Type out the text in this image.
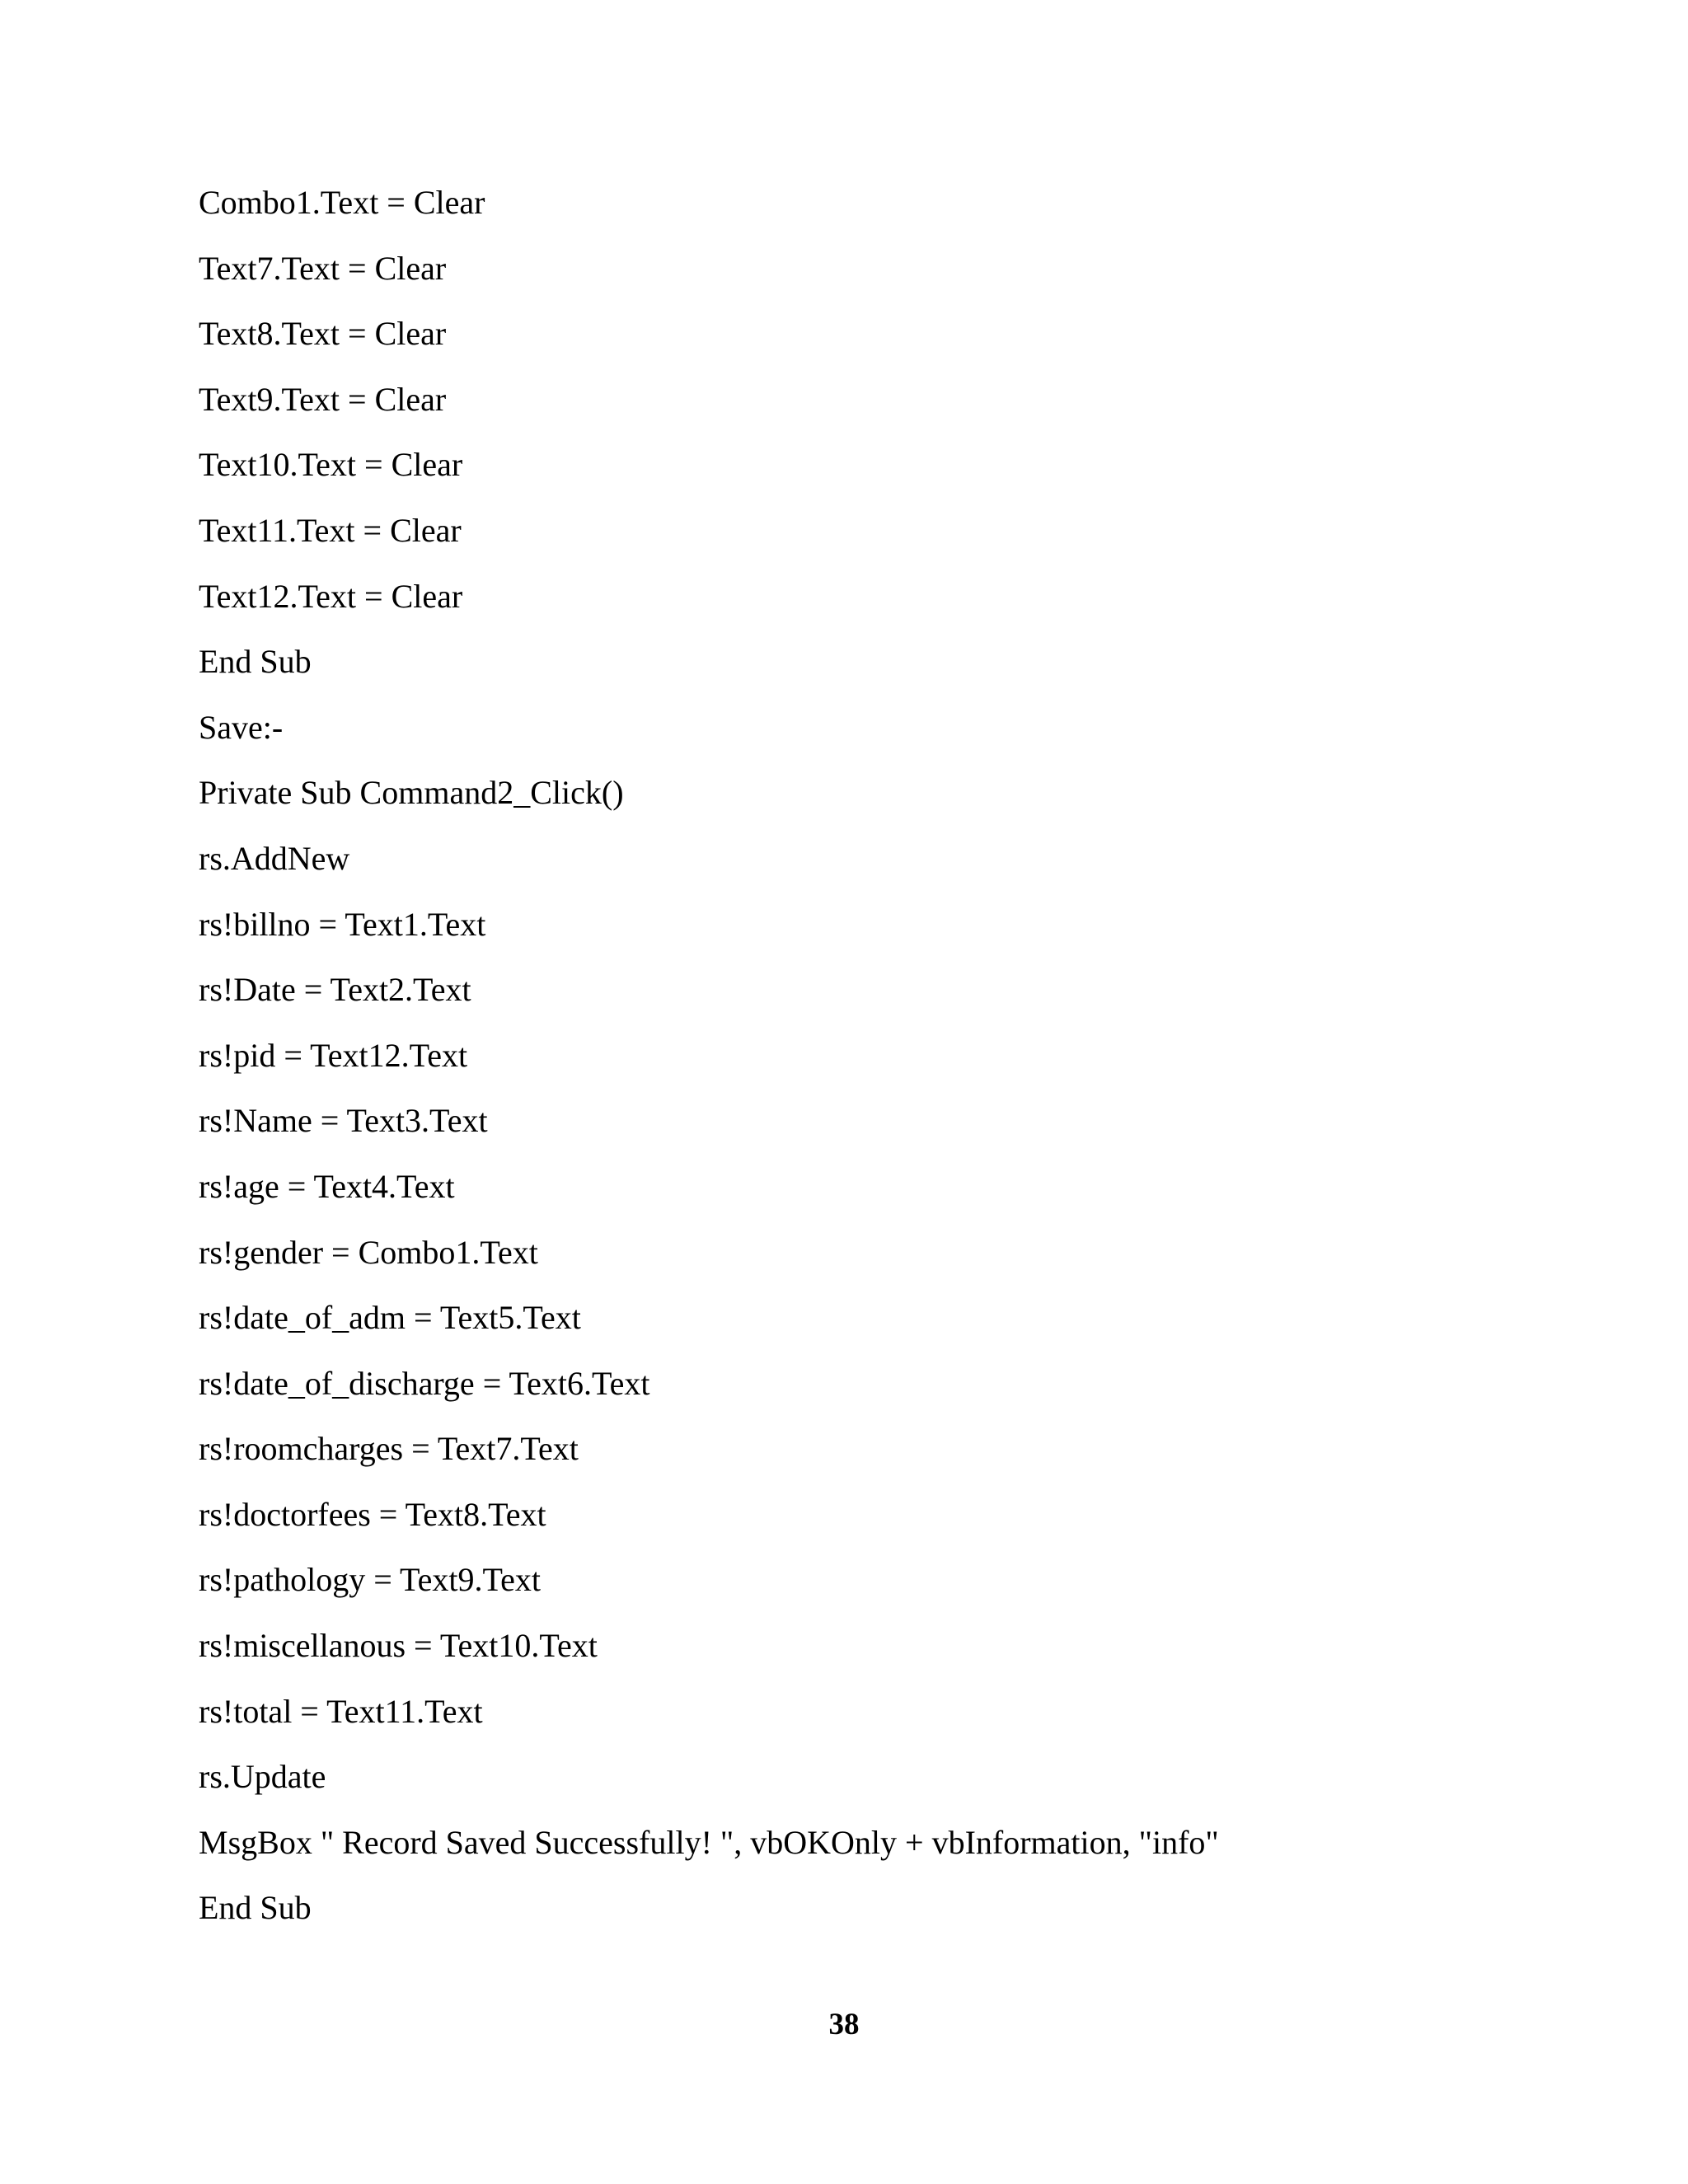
Combo1.Text = Clear
Text7.Text = Clear
Text8.Text = Clear
Text9.Text = Clear
Text10.Text = Clear
Text11.Text = Clear
Text12.Text = Clear
End Sub
Save:-
Private Sub Command2_Click()
rs.AddNew
rs!billno = Text1.Text
rs!Date = Text2.Text
rs!pid = Text12.Text
rs!Name = Text3.Text
rs!age = Text4.Text
rs!gender = Combo1.Text
rs!date_of_adm = Text5.Text
rs!date_of_discharge = Text6.Text
rs!roomcharges = Text7.Text
rs!doctorfees = Text8.Text
rs!pathology = Text9.Text
rs!miscellanous = Text10.Text
rs!total = Text11.Text
rs.Update
MsgBox " Record Saved Successfully! ", vbOKOnly + vbInformation, "info"
End Sub
38
